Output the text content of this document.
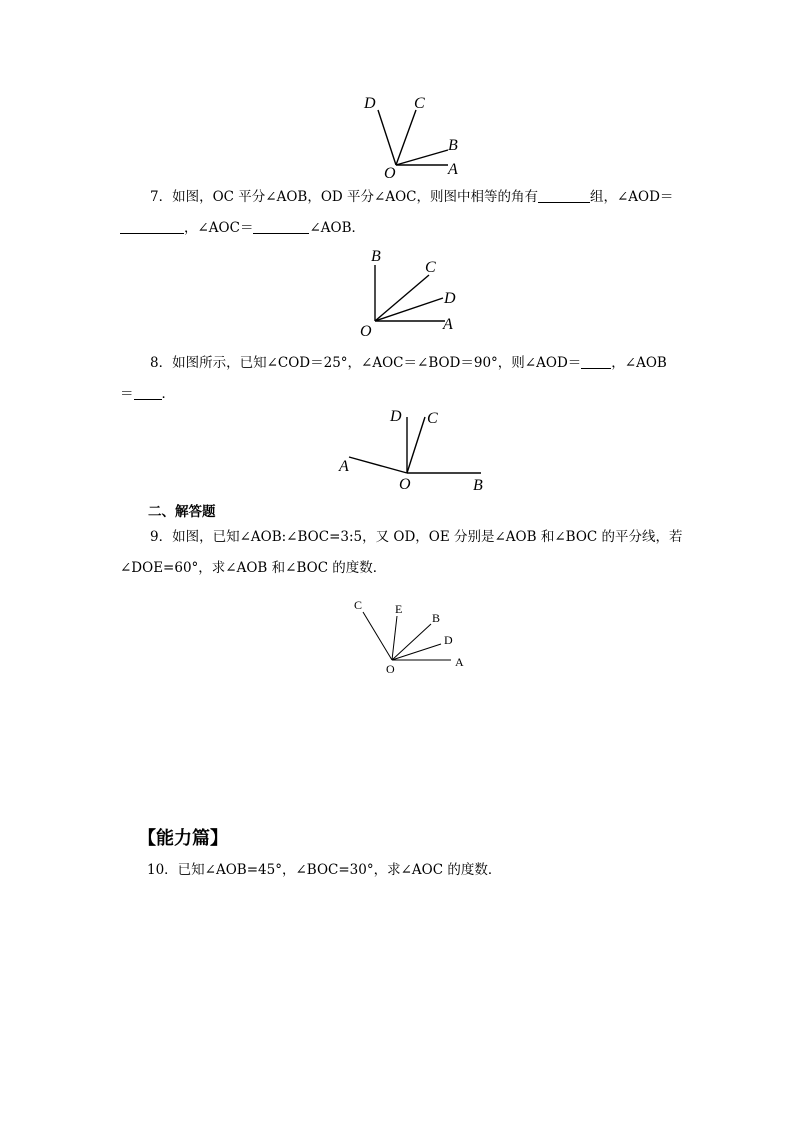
D C
B
O	A
7．如图，OC 平分∠AOB，OD 平分∠AOC，则图中相等的角有	组，∠AOD＝
，∠AOC＝	∠AOB．
B
C
D
O	A
8．如图所示，已知∠COD＝25°，∠AOC＝∠BOD＝90°，则∠AOD＝ ，∠AOB
＝ ．
D C
A
O	B
二、解答题
9．如图，已知∠AOB:∠BOC=3:5，又 OD，OE 分别是∠AOB 和∠BOC 的平分线，若
∠DOE=60°，求∠AOB 和∠BOC 的度数．
C	E
B
D
O	A
【能力篇】
10．已知∠AOB=45°，∠BOC=30°，求∠AOC 的度数．
